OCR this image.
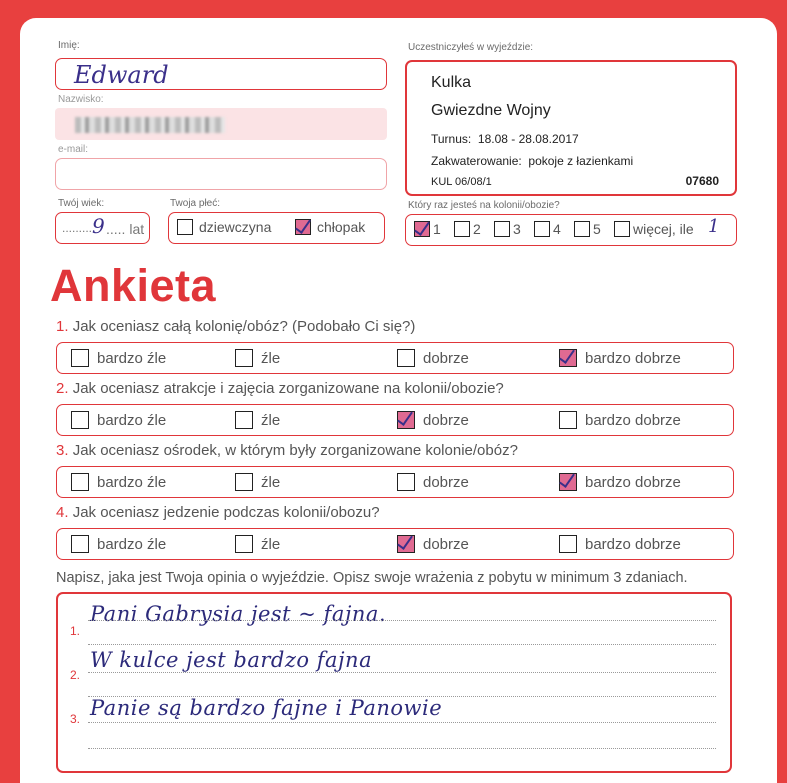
Imię:
Edward
Nazwisko:
e-mail:
Twój wiek:
......... 9 ..... lat
Twoja płeć:
dziewczyna	chłopak
Uczestniczyłeś w wyjeździe:
Kulka
Gwiezdne Wojny
Turnus: 18.08 - 28.08.2017
Zakwaterowanie: pokoje z łazienkami
KUL 06/08/1	07680
Który raz jesteś na kolonii/obozie?
1 2 3 4 5 więcej, ile 1
Ankieta
1. Jak oceniasz całą kolonię/obóz? (Podobało Ci się?)
bardzo źle	źle	dobrze	bardzo dobrze
2. Jak oceniasz atrakcje i zajęcia zorganizowane na kolonii/obozie?
bardzo źle	źle	dobrze	bardzo dobrze
3. Jak oceniasz ośrodek, w którym były zorganizowane kolonie/obóz?
bardzo źle	źle	dobrze	bardzo dobrze
4. Jak oceniasz jedzenie podczas kolonii/obozu?
bardzo źle	źle	dobrze	bardzo dobrze
Napisz, jaka jest Twoja opinia o wyjeździe. Opisz swoje wrażenia z pobytu w minimum 3 zdaniach.
1.
Pani Gabrysia jest ~ fajna.
2.
W kulce jest bardzo fajna
3. Panie są bardzo fajne i Panowie
